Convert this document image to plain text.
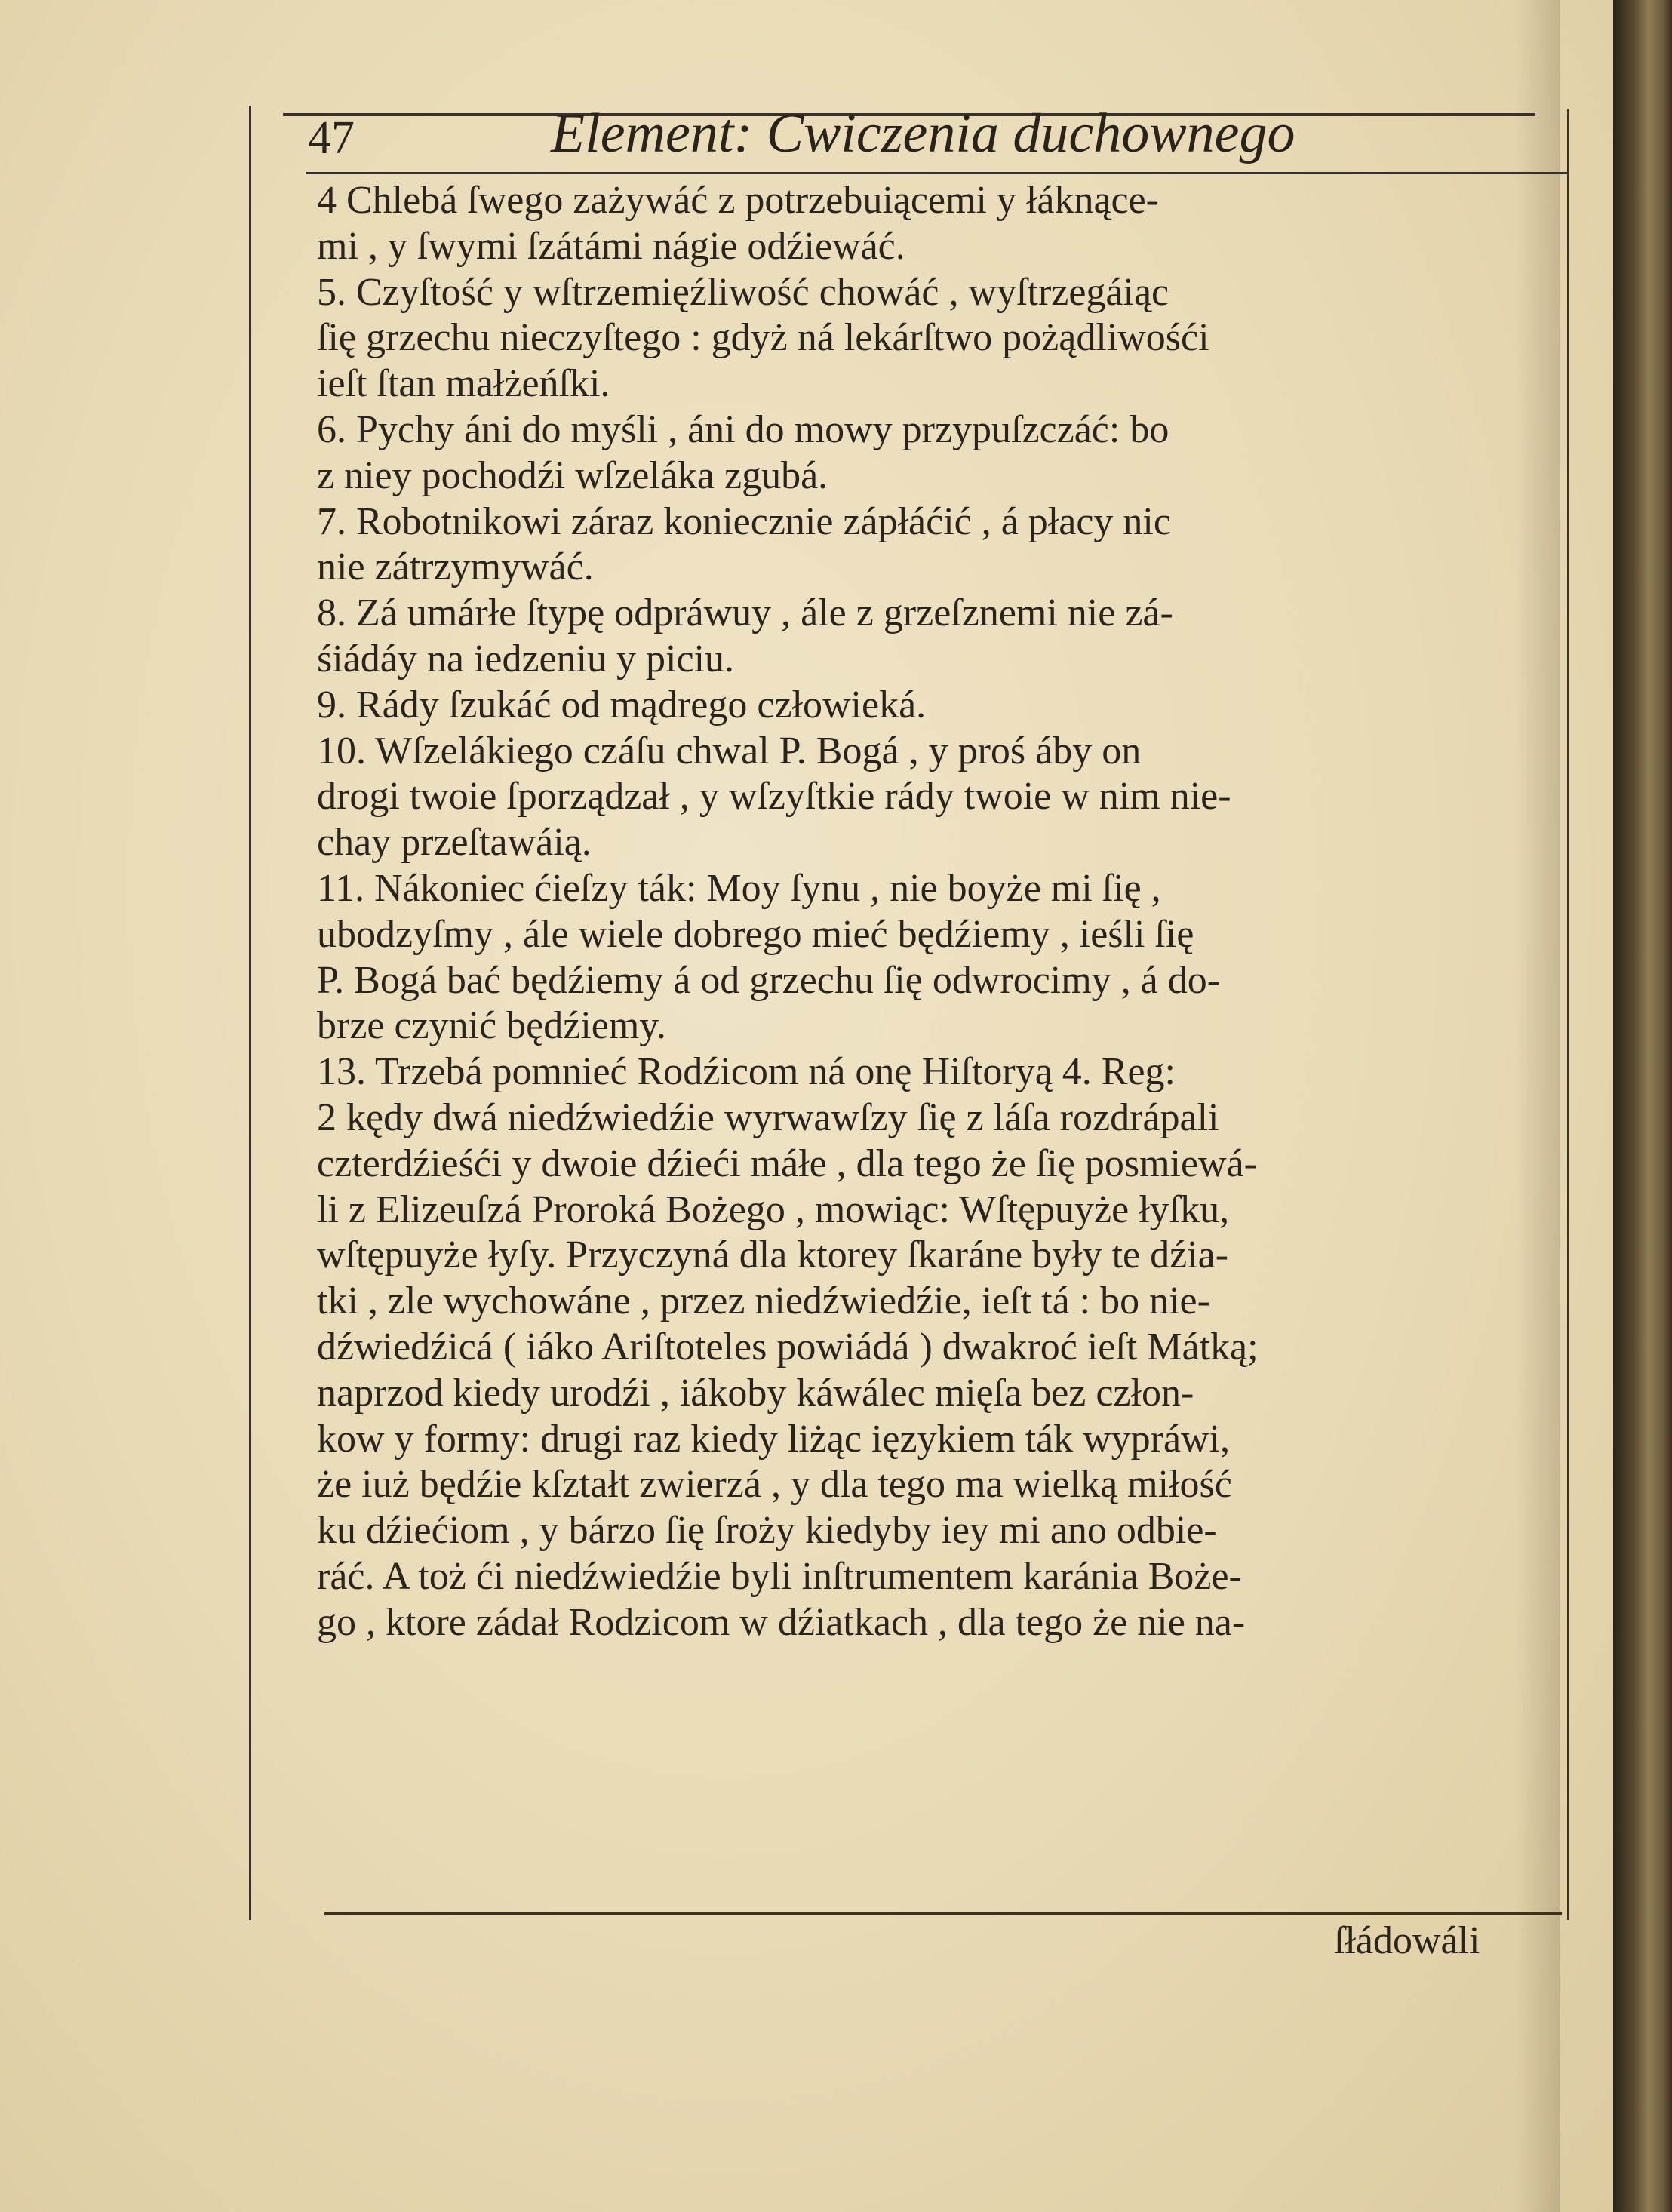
47	Element: Cwiczenia duchownego
4 Chlebá ſwego zażywáć z potrzebuiącemi y łáknące-
mi , y ſwymi ſzátámi nágie odźiewáć.
5. Czyſtość y wſtrzemięźliwość chowáć , wyſtrzegáiąc
ſię grzechu nieczyſtego : gdyż ná lekárſtwo pożądliwośći
ieſt ſtan małżeńſki.
6. Pychy áni do myśli , áni do mowy przypuſzczáć: bo
z niey pochodźi wſzeláka zgubá.
7. Robotnikowi záraz koniecznie zápłáćić , á płacy nic
nie zátrzymywáć.
8. Zá umárłe ſtypę odpráwuy , ále z grzeſznemi nie zá-
śiádáy na iedzeniu y piciu.
9. Rády ſzukáć od mądrego człowieká.
10. Wſzelákiego czáſu chwal P. Bogá , y proś áby on
drogi twoie ſporządzał , y wſzyſtkie rády twoie w nim nie-
chay przeſtawáią.
11. Nákoniec ćieſzy ták: Moy ſynu , nie boyże mi ſię ,
ubodzyſmy , ále wiele dobrego mieć będźiemy , ieśli ſię
P. Bogá bać będźiemy á od grzechu ſię odwrocimy , á do-
brze czynić będźiemy.
13. Trzebá pomnieć Rodźicom ná onę Hiſtoryą 4. Reg:
2 kędy dwá niedźwiedźie wyrwawſzy ſię z láſa rozdrápali
czterdźieśći y dwoie dźieći máłe , dla tego że ſię posmiewá-
li z Elizeuſzá Proroká Bożego , mowiąc: Wſtępuyże łyſku,
wſtępuyże łyſy. Przyczyná dla ktorey ſkaráne były te dźia-
tki , zle wychowáne , przez niedźwiedźie, ieſt tá : bo nie-
dźwiedźicá ( iáko Ariſtoteles powiádá ) dwakroć ieſt Mátką;
naprzod kiedy urodźi , iákoby káwálec mięſa bez człon-
kow y formy: drugi raz kiedy liżąc ięzykiem ták wypráwi,
że iuż będźie kſztałt zwierzá , y dla tego ma wielką miłość
ku dźiećiom , y bárzo ſię ſroży kiedyby iey mi ano odbie-
ráć. A toż ći niedźwiedźie byli inſtrumentem karánia Boże-
go , ktore zádał Rodzicom w dźiatkach , dla tego że nie na-
ſłádowáli
